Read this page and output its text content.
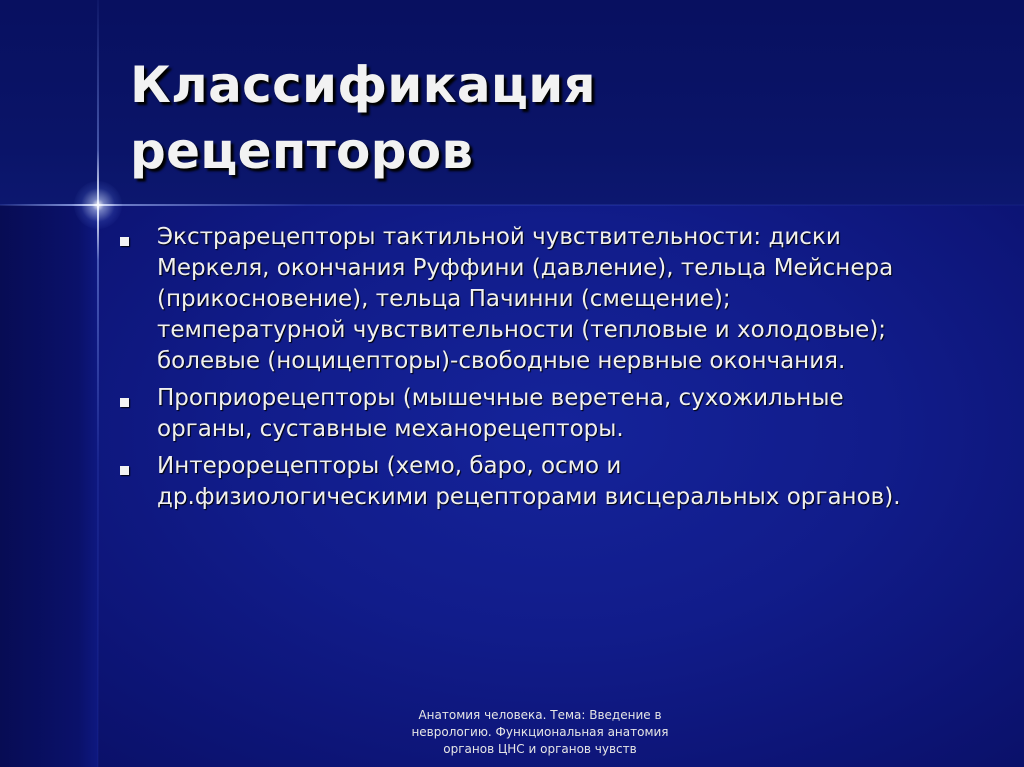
Классификация
рецепторов
Экстрарецепторы тактильной чувствительности: диски
Меркеля, окончания Руффини (давление), тельца Мейснера
(прикосновение), тельца Пачинни (смещение);
температурной чувствительности (тепловые и холодовые);
болевые (ноцицепторы)-свободные нервные окончания.
Проприорецепторы (мышечные веретена, сухожильные
органы, суставные механорецепторы.
Интерорецепторы (хемо, баро, осмо и
др.физиологическими рецепторами висцеральных органов).
Анатомия человека. Тема: Введение в
неврологию. Функциональная анатомия
органов ЦНС и органов чувств
